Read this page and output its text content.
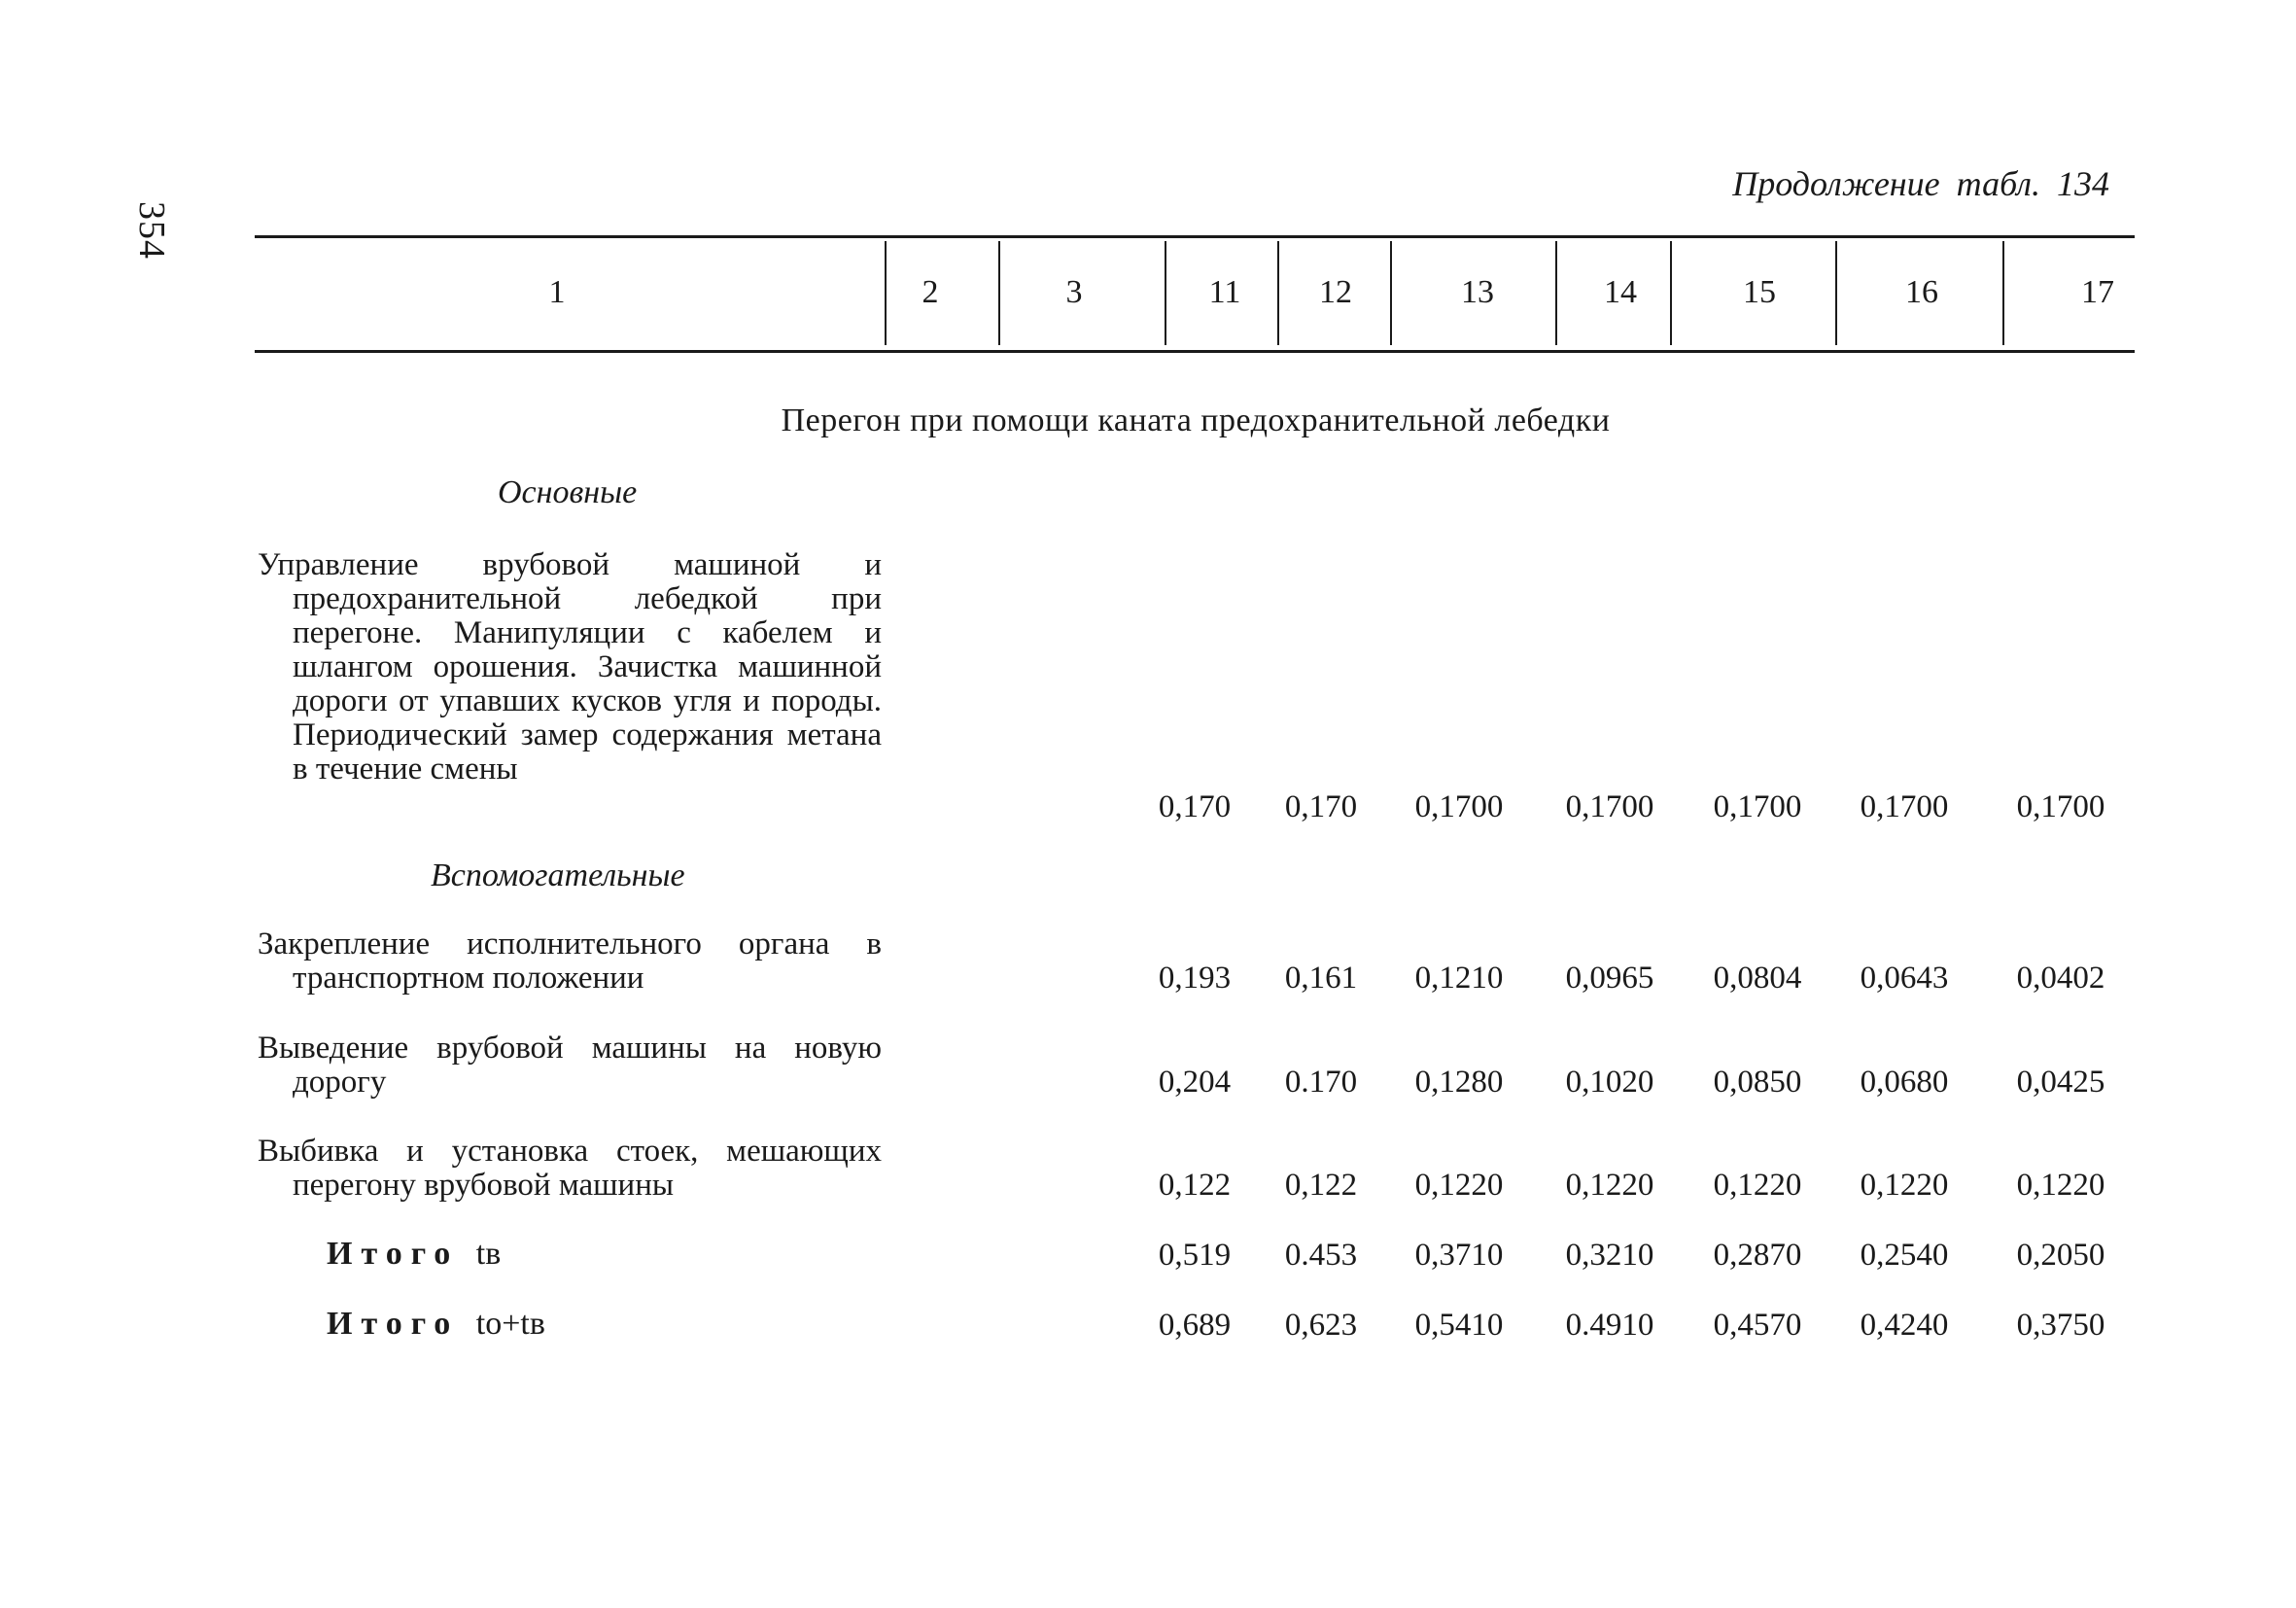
354
Продолжение табл. 134
1	2	3	11 12	13	14	15	16	17
Перегон при помощи каната предохранительной лебедки
Основные
Управление врубовой машиной и предохранительной лебедкой при перегоне. Манипуляции с кабелем и шлангом орошения. Зачистка машинной дороги от упавших кусков угля и породы. Периодический замер содержания метана в течение смены
0,170 0,170 0,1700 0,1700 0,1700 0,1700 0,1700
Вспомогательные
Закрепление исполнительного органа в транспортном положении	0,193 0,161 0,1210 0,0965 0,0804 0,0643 0,0402
Выведение врубовой машины на новую дорогу	0,204 0.170 0,1280 0,1020 0,0850 0,0680 0,0425
Выбивка и установка стоек, мешающих перегону врубовой машины	0,122 0,122 0,1220 0,1220 0,1220 0,1220 0,1220
Итого tв	0,519 0.453 0,3710 0,3210 0,2870 0,2540 0,2050
Итого tо+tв	0,689 0,623 0,5410 0.4910 0,4570 0,4240 0,3750
